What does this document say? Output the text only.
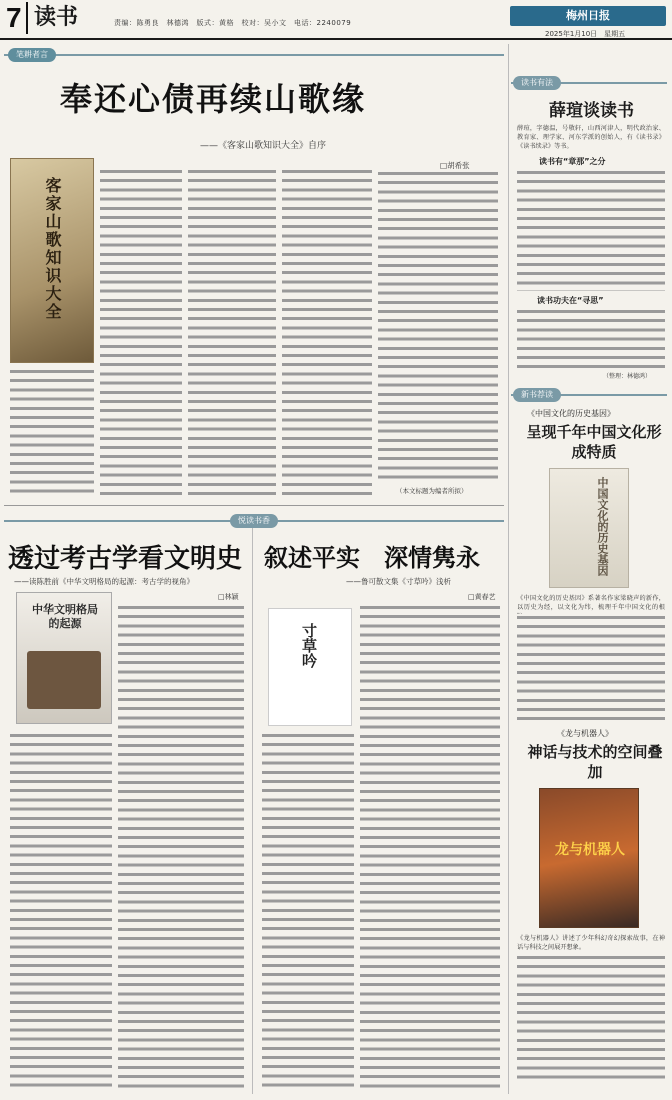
7 读书	责编：陈勇良　林德鸿　版式：黄格　校对：吴小文　电话：2240079
梅州日报
2025年1月10日　星期五
笔耕者言
奉还心债再续山歌缘
——《客家山歌知识大全》自序
□胡希张
客家山歌知识大全
（本文标题为编者所拟）
读书有法
薛瑄谈读书
薛瑄，字德温，号敬轩，山西河津人，明代政治家、教育家、理学家、河东学派的创始人，有《读书录》《读书续录》等书。
读书有“章那”之分
读书功夫在“寻思”
（整理：林德鸿）
新书荐读
《中国文化的历史基因》
呈现千年中国文化形成特质
中国文化的历史基因
《中国文化的历史基因》系著名作家梁晓声的新作，以历史为经，以文化为纬，梳理千年中国文化的根
《龙与机器人》
神话与技术的空间叠加
龙与机器人
《龙与机器人》讲述了少年科幻奇幻探索故事，在神话与科技之间展开想象。
悦读书香
透过考古学看文明史
——读陈胜前《中华文明格局的起源：考古学的视角》
□林颖
中华文明格局的起源
叙述平实　深情隽永
——鲁可散文集《寸草吟》浅析
□黄春艺
寸草吟
